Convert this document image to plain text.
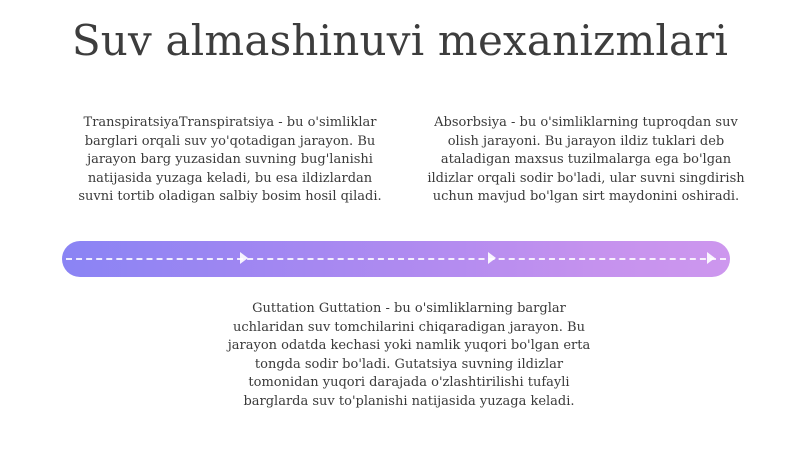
Suv almashinuvi mexanizmlari
TranspiratsiyaTranspiratsiya - bu o'simliklar barglari orqali suv yo'qotadigan jarayon. Bu jarayon barg yuzasidan suvning bug'lanishi natijasida yuzaga keladi, bu esa ildizlardan suvni tortib oladigan salbiy bosim hosil qiladi.
Absorbsiya - bu o'simliklarning tuproqdan suv olish jarayoni. Bu jarayon ildiz tuklari deb ataladigan maxsus tuzilmalarga ega bo'lgan ildizlar orqali sodir bo'ladi, ular suvni singdirish uchun mavjud bo'lgan sirt maydonini oshiradi.
Guttation Guttation - bu o'simliklarning barglar uchlaridan suv tomchilarini chiqaradigan jarayon. Bu jarayon odatda kechasi yoki namlik yuqori bo'lgan erta tongda sodir bo'ladi. Gutatsiya suvning ildizlar tomonidan yuqori darajada o'zlashtirilishi tufayli barglarda suv to'planishi natijasida yuzaga keladi.
